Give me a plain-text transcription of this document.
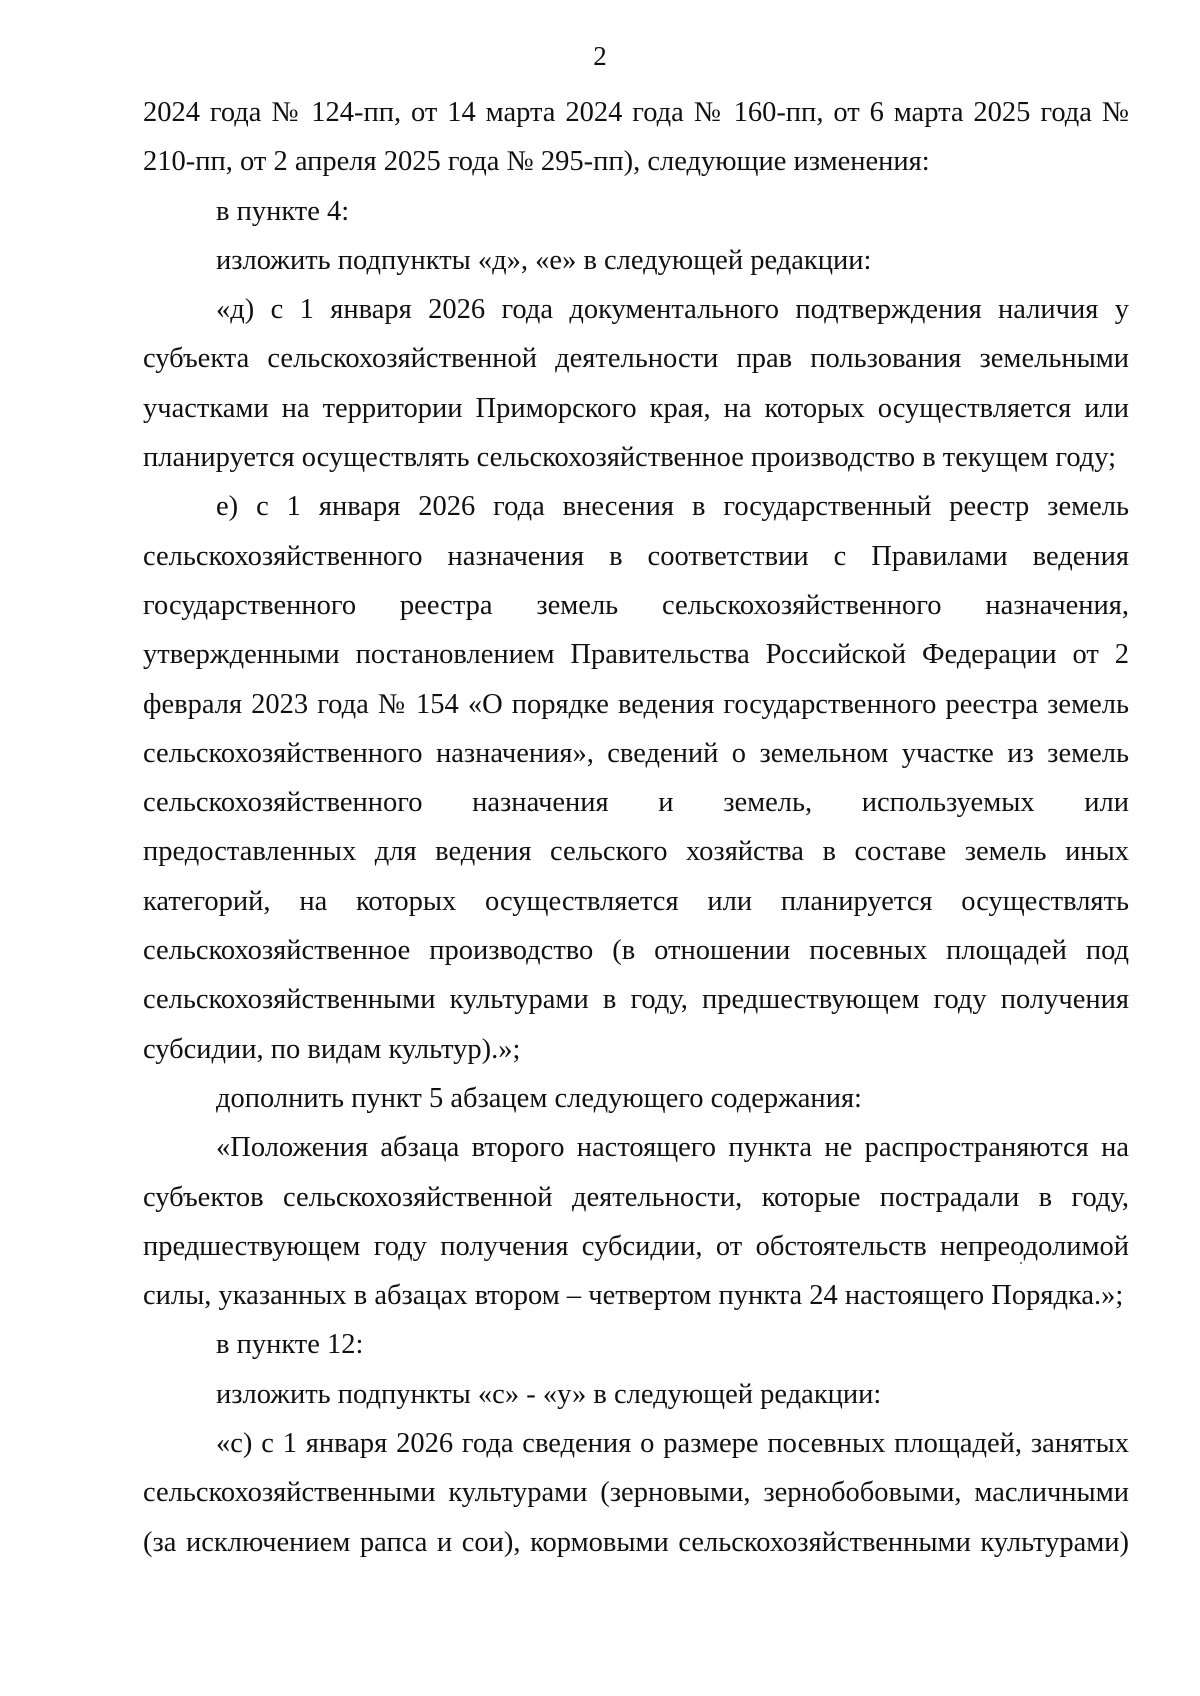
2

2024 года № 124-пп, от 14 марта 2024 года № 160-пп, от 6 марта 2025 года № 210-пп, от 2 апреля 2025 года № 295-пп), следующие изменения:

в пункте 4:

изложить подпункты «д», «е» в следующей редакции:

«д) с 1 января 2026 года документального подтверждения наличия у субъекта сельскохозяйственной деятельности прав пользования земельными участками на территории Приморского края, на которых осуществляется или планируется осуществлять сельскохозяйственное производство в текущем году;

е) с 1 января 2026 года внесения в государственный реестр земель сельскохозяйственного назначения в соответствии с Правилами ведения государственного реестра земель сельскохозяйственного назначения, утвержденными постановлением Правительства Российской Федерации от 2 февраля 2023 года № 154 «О порядке ведения государственного реестра земель сельскохозяйственного назначения», сведений о земельном участке из земель сельскохозяйственного назначения и земель, используемых или предоставленных для ведения сельского хозяйства в составе земель иных категорий, на которых осуществляется или планируется осуществлять сельскохозяйственное производство (в отношении посевных площадей под сельскохозяйственными культурами в году, предшествующем году получения субсидии, по видам культур).»;

дополнить пункт 5 абзацем следующего содержания:

«Положения абзаца второго настоящего пункта не распространяются на субъектов сельскохозяйственной деятельности, которые пострадали в году, предшествующем году получения субсидии, от обстоятельств непреодолимой силы, указанных в абзацах втором – четвертом пункта 24 настоящего Порядка.»;

в пункте 12:

изложить подпункты «с» - «у» в следующей редакции:

«с) с 1 января 2026 года сведения о размере посевных площадей, занятых сельскохозяйственными культурами (зерновыми, зернобобовыми, масличными (за исключением рапса и сои), кормовыми сельскохозяйственными культурами)
